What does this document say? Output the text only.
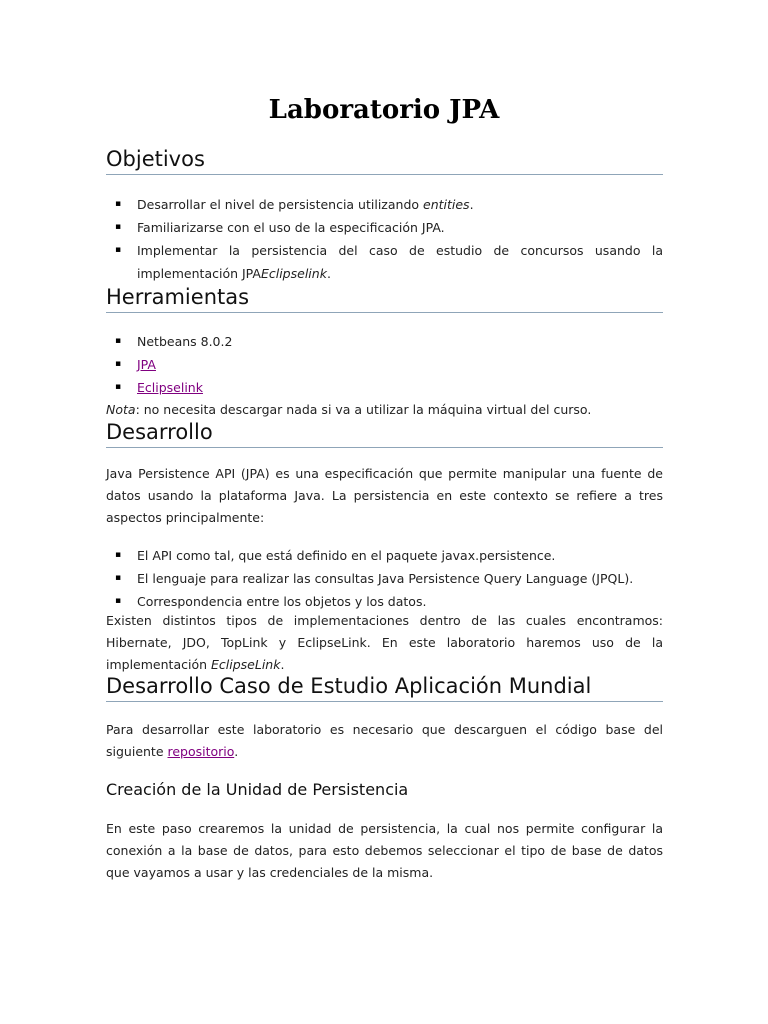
Laboratorio JPA
Objetivos
▪ Desarrollar el nivel de persistencia utilizando entities.
▪ Familiarizarse con el uso de la especificación JPA.
▪ Implementar la persistencia del caso de estudio de concursos usando la implementación JPAEclipselink.
Herramientas
▪ Netbeans 8.0.2
▪ JPA
▪ Eclipselink

Nota: no necesita descargar nada si va a utilizar la máquina virtual del curso.

Desarrollo

Java Persistence API (JPA) es una especificación que permite manipular una fuente de datos usando la plataforma Java. La persistencia en este contexto se refiere a tres aspectos principalmente:

▪ El API como tal, que está definido en el paquete javax.persistence.
▪ El lenguaje para realizar las consultas Java Persistence Query Language (JPQL).
▪ Correspondencia entre los objetos y los datos.

Existen distintos tipos de implementaciones dentro de las cuales encontramos: Hibernate, JDO, TopLink y EclipseLink. En este laboratorio haremos uso de la implementación EclipseLink.

Desarrollo Caso de Estudio Aplicación Mundial

Para desarrollar este laboratorio es necesario que descarguen el código base del siguiente repositorio.

Creación de la Unidad de Persistencia

En este paso crearemos la unidad de persistencia, la cual nos permite configurar la conexión a la base de datos, para esto debemos seleccionar el tipo de base de datos que vayamos a usar y las credenciales de la misma.
